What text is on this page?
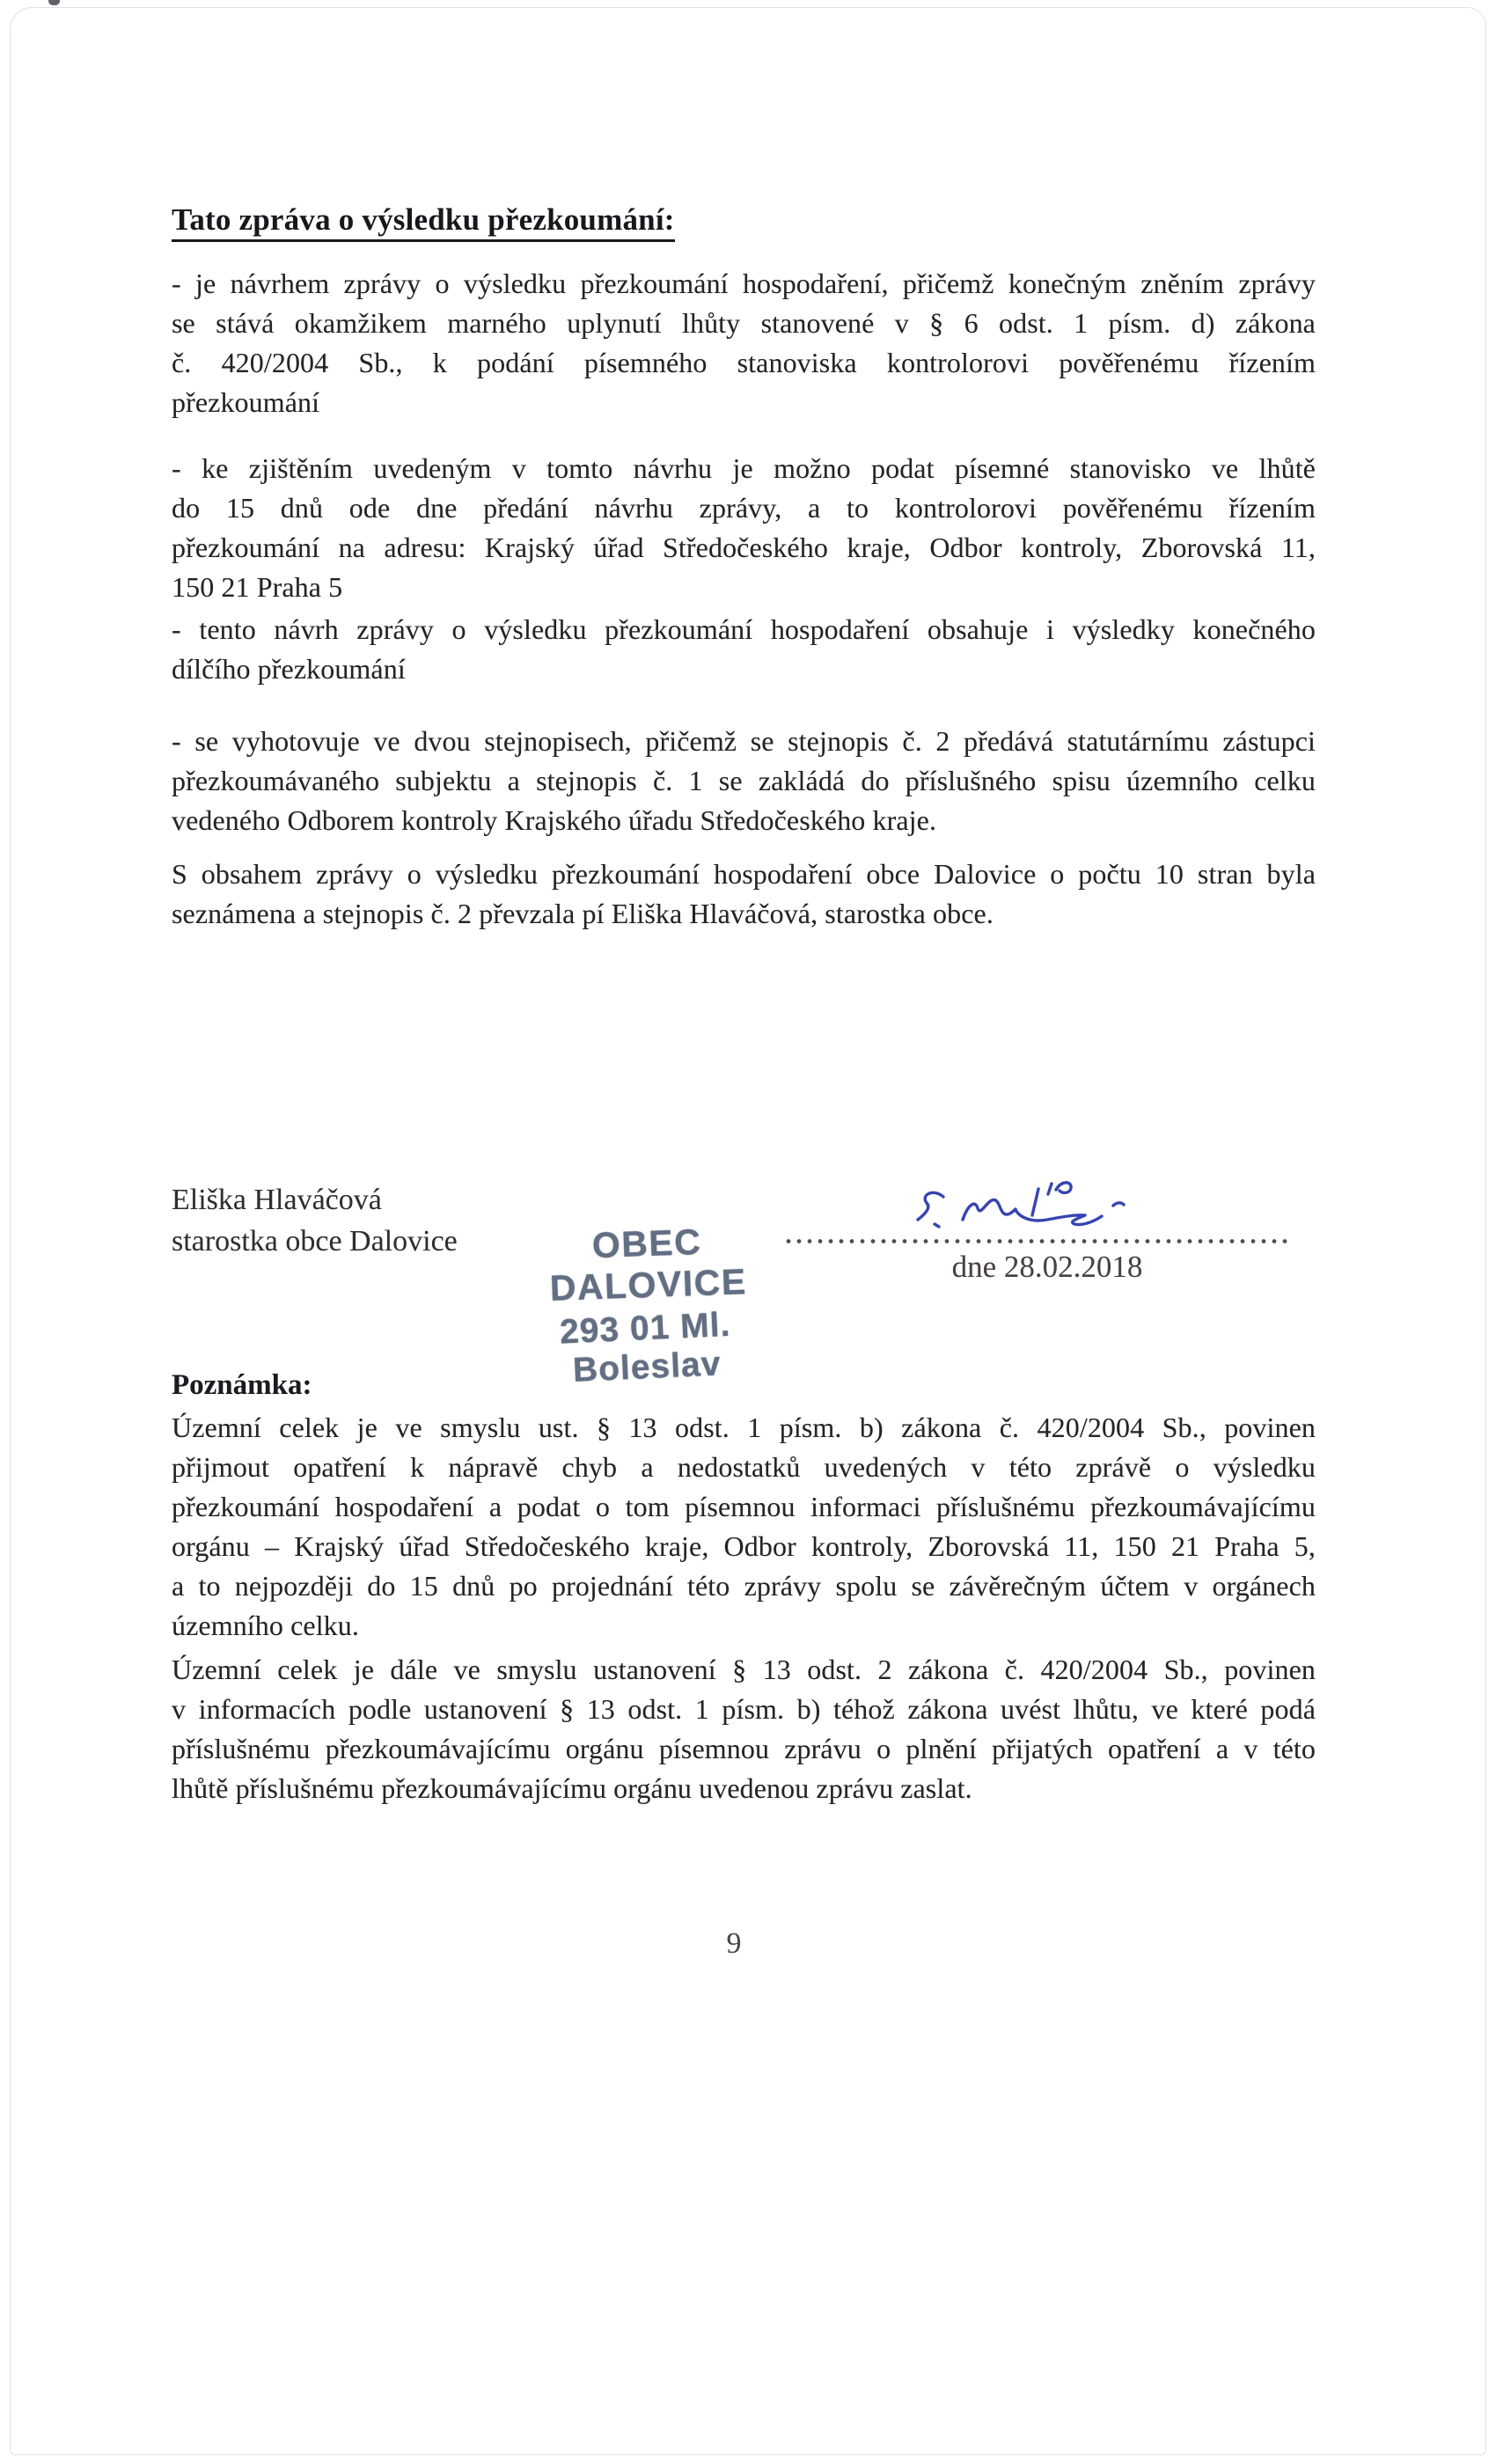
Tato zpráva o výsledku přezkoumání:
- je návrhem zprávy o výsledku přezkoumání hospodaření, přičemž konečným zněním zprávy
se stává okamžikem marného uplynutí lhůty stanovené v § 6 odst. 1 písm. d) zákona
č. 420/2004 Sb., k podání písemného stanoviska kontrolorovi pověřenému řízením
přezkoumání
- ke zjištěním uvedeným v tomto návrhu je možno podat písemné stanovisko ve lhůtě
do 15 dnů ode dne předání návrhu zprávy, a to kontrolorovi pověřenému řízením
přezkoumání na adresu: Krajský úřad Středočeského kraje, Odbor kontroly, Zborovská 11,
150 21 Praha 5
- tento návrh zprávy o výsledku přezkoumání hospodaření obsahuje i výsledky konečného
dílčího přezkoumání
- se vyhotovuje ve dvou stejnopisech, přičemž se stejnopis č. 2 předává statutárnímu zástupci
přezkoumávaného subjektu a stejnopis č. 1 se zakládá do příslušného spisu územního celku
vedeného Odborem kontroly Krajského úřadu Středočeského kraje.
S obsahem zprávy o výsledku přezkoumání hospodaření obce Dalovice o počtu 10 stran byla
seznámena a stejnopis č. 2 převzala pí Eliška Hlaváčová, starostka obce.
Eliška Hlaváčová
starostka obce Dalovice	OBEC DALOVICE
293 01 Ml. Boleslav
dne 28.02.2018
Poznámka:
Územní celek je ve smyslu ust. § 13 odst. 1 písm. b) zákona č. 420/2004 Sb., povinen
přijmout opatření k nápravě chyb a nedostatků uvedených v této zprávě o výsledku
přezkoumání hospodaření a podat o tom písemnou informaci příslušnému přezkoumávajícímu
orgánu – Krajský úřad Středočeského kraje, Odbor kontroly, Zborovská 11, 150 21 Praha 5,
a to nejpozději do 15 dnů po projednání této zprávy spolu se závěrečným účtem v orgánech
územního celku.
Územní celek je dále ve smyslu ustanovení § 13 odst. 2 zákona č. 420/2004 Sb., povinen
v informacích podle ustanovení § 13 odst. 1 písm. b) téhož zákona uvést lhůtu, ve které podá
příslušnému přezkoumávajícímu orgánu písemnou zprávu o plnění přijatých opatření a v této
lhůtě příslušnému přezkoumávajícímu orgánu uvedenou zprávu zaslat.
9
